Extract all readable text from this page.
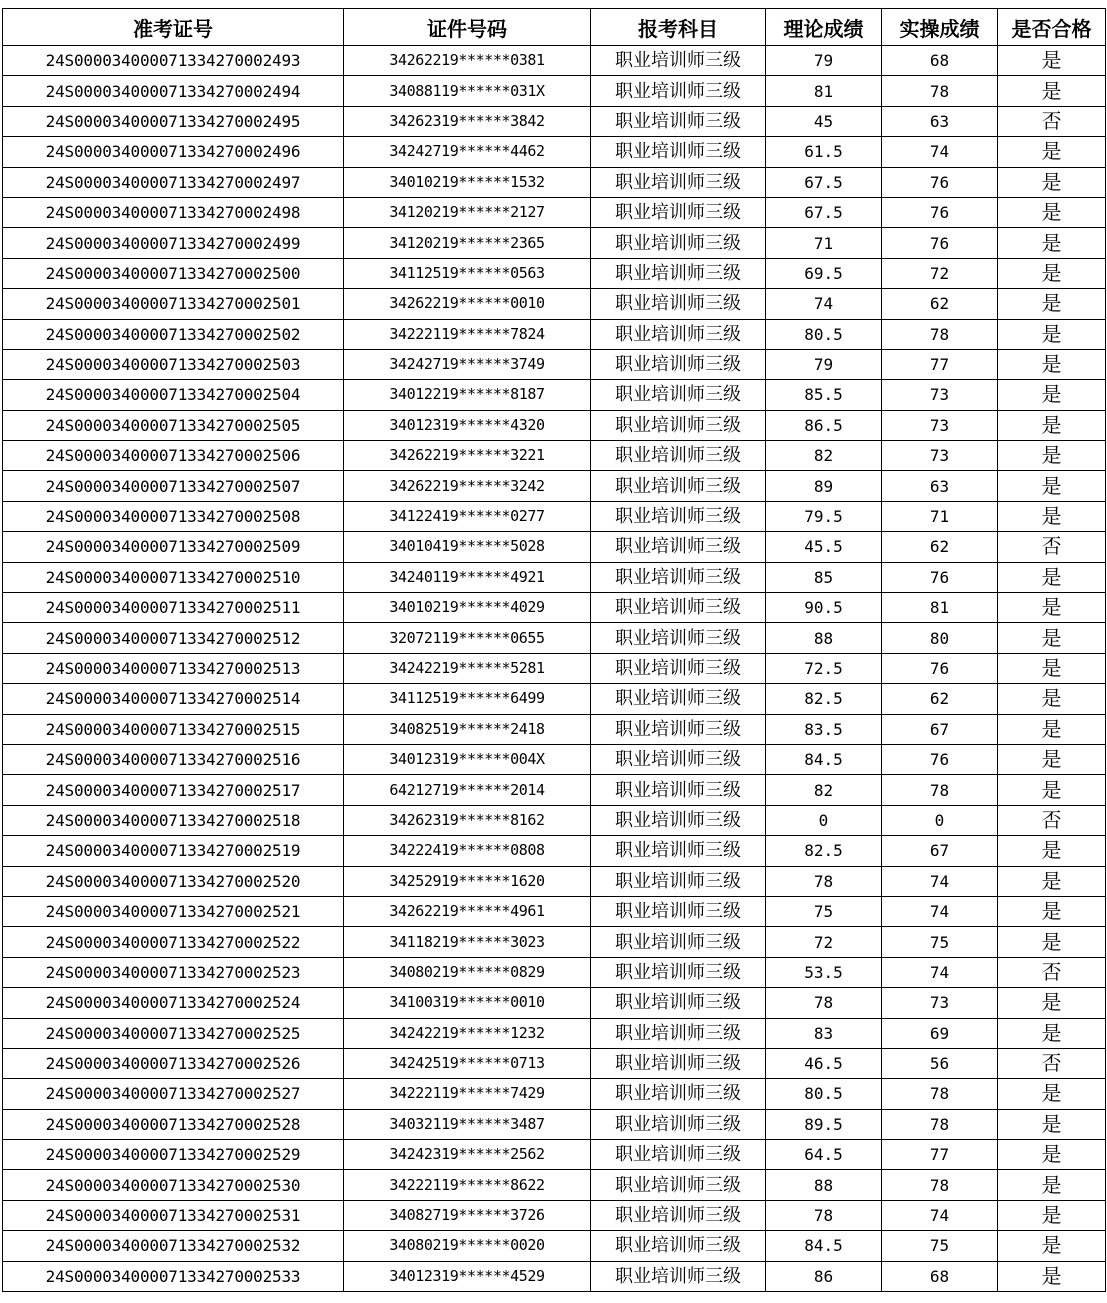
准考证号	证件号码	报考科目	理论成绩	实操成绩	是否合格
24S000034000071334270002493	34262219******0381	职业培训师三级	79	68	是
24S000034000071334270002494	34088119******031X	职业培训师三级	81	78	是
24S000034000071334270002495	34262319******3842	职业培训师三级	45	63	否
24S000034000071334270002496	34242719******4462	职业培训师三级	61.5	74	是
24S000034000071334270002497	34010219******1532	职业培训师三级	67.5	76	是
24S000034000071334270002498	34120219******2127	职业培训师三级	67.5	76	是
24S000034000071334270002499	34120219******2365	职业培训师三级	71	76	是
24S000034000071334270002500	34112519******0563	职业培训师三级	69.5	72	是
24S000034000071334270002501	34262219******0010	职业培训师三级	74	62	是
24S000034000071334270002502	34222119******7824	职业培训师三级	80.5	78	是
24S000034000071334270002503	34242719******3749	职业培训师三级	79	77	是
24S000034000071334270002504	34012219******8187	职业培训师三级	85.5	73	是
24S000034000071334270002505	34012319******4320	职业培训师三级	86.5	73	是
24S000034000071334270002506	34262219******3221	职业培训师三级	82	73	是
24S000034000071334270002507	34262219******3242	职业培训师三级	89	63	是
24S000034000071334270002508	34122419******0277	职业培训师三级	79.5	71	是
24S000034000071334270002509	34010419******5028	职业培训师三级	45.5	62	否
24S000034000071334270002510	34240119******4921	职业培训师三级	85	76	是
24S000034000071334270002511	34010219******4029	职业培训师三级	90.5	81	是
24S000034000071334270002512	32072119******0655	职业培训师三级	88	80	是
24S000034000071334270002513	34242219******5281	职业培训师三级	72.5	76	是
24S000034000071334270002514	34112519******6499	职业培训师三级	82.5	62	是
24S000034000071334270002515	34082519******2418	职业培训师三级	83.5	67	是
24S000034000071334270002516	34012319******004X	职业培训师三级	84.5	76	是
24S000034000071334270002517	64212719******2014	职业培训师三级	82	78	是
24S000034000071334270002518	34262319******8162	职业培训师三级	0	0	否
24S000034000071334270002519	34222419******0808	职业培训师三级	82.5	67	是
24S000034000071334270002520	34252919******1620	职业培训师三级	78	74	是
24S000034000071334270002521	34262219******4961	职业培训师三级	75	74	是
24S000034000071334270002522	34118219******3023	职业培训师三级	72	75	是
24S000034000071334270002523	34080219******0829	职业培训师三级	53.5	74	否
24S000034000071334270002524	34100319******0010	职业培训师三级	78	73	是
24S000034000071334270002525	34242219******1232	职业培训师三级	83	69	是
24S000034000071334270002526	34242519******0713	职业培训师三级	46.5	56	否
24S000034000071334270002527	34222119******7429	职业培训师三级	80.5	78	是
24S000034000071334270002528	34032119******3487	职业培训师三级	89.5	78	是
24S000034000071334270002529	34242319******2562	职业培训师三级	64.5	77	是
24S000034000071334270002530	34222119******8622	职业培训师三级	88	78	是
24S000034000071334270002531	34082719******3726	职业培训师三级	78	74	是
24S000034000071334270002532	34080219******0020	职业培训师三级	84.5	75	是
24S000034000071334270002533	34012319******4529	职业培训师三级	86	68	是
